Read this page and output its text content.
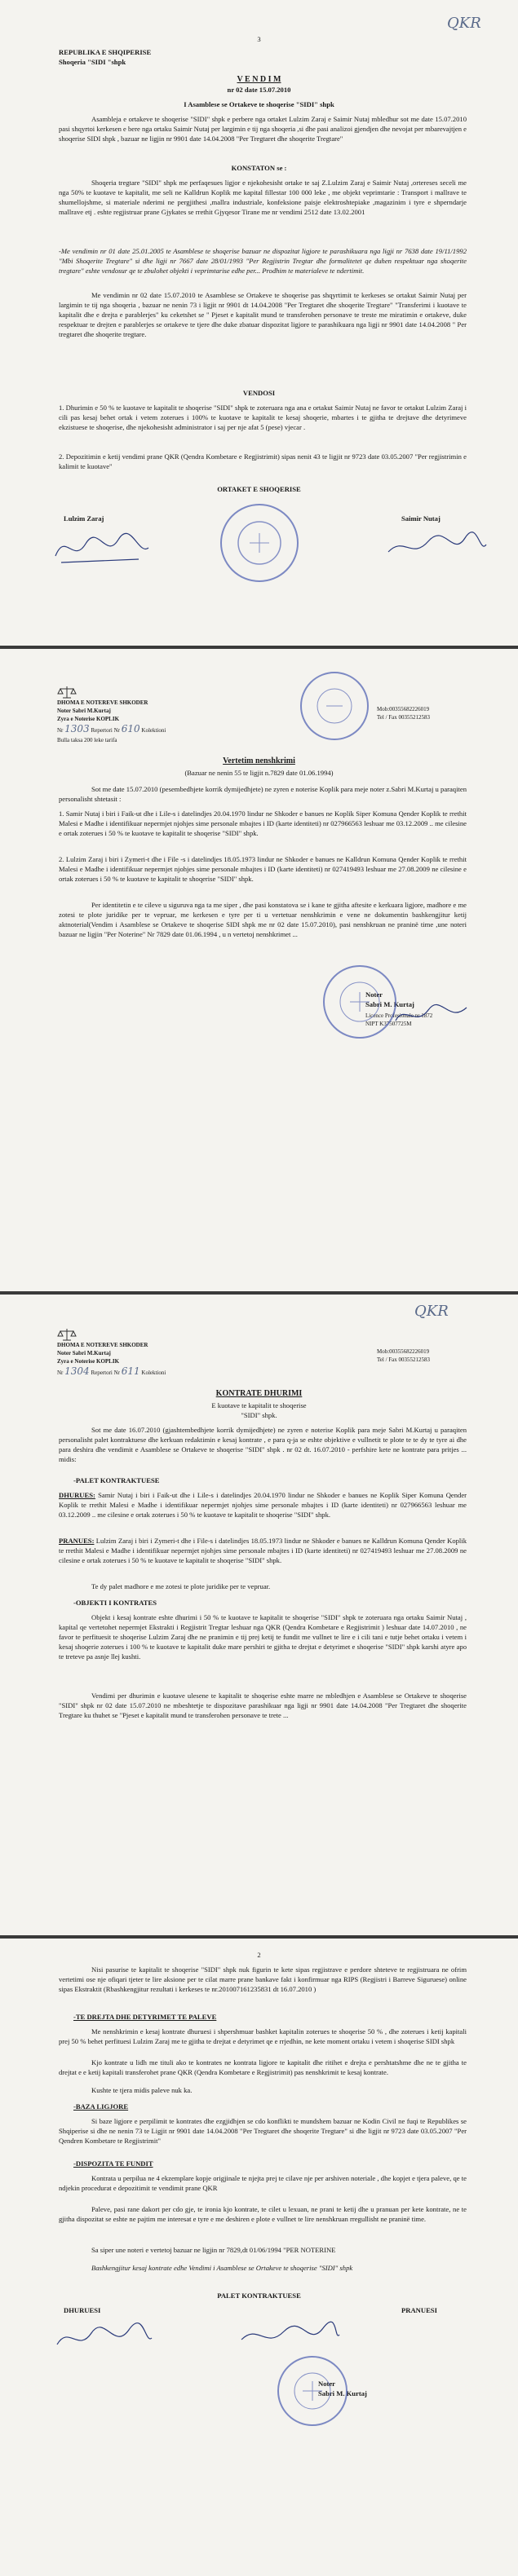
QKR
3
REPUBLIKA E SHQIPERISE
Shoqeria "SIDI "shpk
V E N D I M
nr 02 date 15.07.2010
I Asamblese se Ortakeve te shoqerise "SIDI" shpk
Asambleja e ortakeve te shoqerise "SIDI" shpk e perbere nga ortaket Lulzim Zaraj e Saimir Nutaj mbledhur sot me date 15.07.2010 pasi shqyrtoi kerkesen e bere nga ortaku Saimir Nutaj per largimin e tij nga shoqeria ,si dhe pasi analizoi gjendjen dhe nevojat per mbarevajtjen e shoqerise SIDI shpk , bazuar ne ligjin nr 9901 date 14.04.2008 "Per Tregtaret dhe shoqerite Tregtare"
KONSTATON se :
Shoqeria tregtare "SIDI" shpk me perfaqesues ligjor e njekohesisht ortake te saj Z.Lulzim Zaraj e Saimir Nutaj ,ortereses seceli me nga 50% te kuotave te kapitalit, me seli ne Kalldrun Koplik me kapital fillestar 100 000 leke , me objekt veprimtarie : Transport i mallrave te shumellojshme, si materiale nderimi ne pergjithesi ,mallra industriale, konfeksione paisje elektroshtepiake ,magazinim i tyre e shperndarje mallrave etj . eshte regjistruar prane Gjykates se rrethit Gjyqesor Tirane me nr vendimi 2512 date 13.02.2001
-Me vendimin nr 01 date 25.01.2005 te Asamblese te shoqerise bazuar ne dispozitat ligjore te parashikuara nga ligji nr 7638 date 19/11/1992 "Mbi Shoqerite Tregtare" si dhe ligji nr 7667 date 28/01/1993 "Per Regjistrin Tregtar dhe formalitetet qe duhen respektuar nga shoqerite tregtare" eshte vendosur qe te zbulohet objekti i veprimtarise edhe per... Prodhim te materialeve te ndertimit.
Me vendimin nr 02 date 15.07.2010 te Asamblese se Ortakeve te shoqerise pas shqyrtimit te kerkeses se ortakut Saimir Nutaj per largimin te tij nga shoqeria , bazuar ne nenin 73 i ligjit nr 9901 dt 14.04.2008 "Per Tregtaret dhe shoqerite Tregtare" "Transferimi i kuotave te kapitalit dhe e drejta e parablerjes" ku ceketshet se " Pjeset e kapitalit mund te transferohen personave te treste me miratimin e ortakeve, duke respektuar te drejten e parablerjes se ortakeve te tjere dhe duke zbatuar dispozitat ligjore te parashikuara nga ligji nr 9901 date 14.04.2008 " Per tregtaret dhe shoqerite tregtare.
VENDOSI
1. Dhurimin e 50 % te kuotave te kapitalit te shoqerise "SIDI" shpk te zoteruara nga ana e ortakut Saimir Nutaj ne favor te ortakut Lulzim Zaraj i cili pas kesaj behet ortak i vetem zoterues i 100% te kuotave te kapitalit te kesaj shoqerie, mbartes i te gjitha te drejtave dhe detyrimeve ekzistuese te shoqerise, dhe njekohesisht administrator i saj per nje afat 5 (pese) vjecar .
2. Depozitimin e ketij vendimi prane QKR (Qendra Kombetare e Regjistrimit) sipas nenit 43 te ligjit nr 9723 date 03.05.2007 "Per regjistrimin e kalimit te kuotave"
ORTAKET E SHOQERISE
Lulzim Zaraj	Saimir Nutaj
DHOMA E NOTEREVE SHKODER
Noter Sabri M.Kurtaj
Zyra e Noterise KOPLIK
Nr 1303 Repertori Nr 610 Kolektioni
Bulla taksa 200 leke tarifa
Mob:00355682226019
Tel / Fax 00355212583
Vertetim nenshkrimi
(Bazuar ne nenin 55 te ligjit n.7829 date 01.06.1994)
Sot me date 15.07.2010 (pesembedhjete korrik dymijedhjete) ne zyren e noterise Koplik para meje noter z.Sabri M.Kurtaj u paraqiten personalisht shtetasit :
1. Samir Nutaj i biri i Faik-ut dhe i Lile-s i datelindjes 20.04.1970 lindur ne Shkoder e banues ne Koplik Siper Komuna Qender Koplik te rrethit Malesi e Madhe i identifikuar nepermjet njohjes sime personale mbajtes i ID (karte identiteti) nr 027966563 leshuar me 03.12.2009 .. me cilesine e ortak zoterues i 50 % te kuotave te kapitalit te shoqerise "SIDI" shpk.
2. Lulzim Zaraj i biri i Zymeri-t dhe i File -s i datelindjes 18.05.1973 lindur ne Shkoder e banues ne Kalldrun Komuna Qender Koplik te rrethit Malesi e Madhe i identifikuar nepermjet njohjes sime personale mbajtes i ID (karte identiteti) nr 027419493 leshuar me 27.08.2009 ne cilesine e ortak zoterues i 50 % te kuotave te kapitalit te shoqerise "SIDI" shpk.
Per identitetin e te cileve u siguruva nga ta me siper , dhe pasi konstatova se i kane te gjitha aftesite e kerkuara ligjore, madhore e me zotesi te plote juridike per te vepruar, me kerkesen e tyre per ti u vertetuar nenshkrimin e vene ne dokumentin bashkengjitur ketij aktnoterial(Vendim i Asamblese se Ortakeve te shoqerise SIDI shpk me nr 02 date 15.07.2010), pasi nenshkruan ne praninë time ,une noteri bazuar ne ligjin "Per Noterine" Nr 7829 date 01.06.1994 , u n vertetoj nenshkrimet ...
Noter
Sabri M. Kurtaj
Licence Profesionale nr 1872
NIPT K37507725M
QKR
DHOMA E NOTEREVE SHKODER
Noter Sabri M.Kurtaj
Zyra e Noterise KOPLIK
Nr 1304 Repertori Nr 611 Kolektioni
Mob:00355682226019
Tel / Fax 00355212583
KONTRATE DHURIMI
E kuotave te kapitalit te shoqerise
"SIDI" shpk.
Sot me date 16.07.2010 (gjashtembedhjete korrik dymijedhjete) ne zyren e noterise Koplik para meje Sabri M.Kurtaj u paraqiten personalisht palet kontraktuese dhe kerkuan redaktimin e kesaj kontrate , e para q-ja se eshte objektive e vullnetit te plote te te dy te tyre ai dhe para deshira dhe vendimit e Asamblese se Ortakeve te shoqerise "SIDI" shpk . nr 02 dt. 16.07.2010 - perfshire kete ne kontrate para pritjes ... midis:
-PALET KONTRAKTUESE
DHURUES: Samir Nutaj i biri i Faik-ut dhe i Lile-s i datelindjes 20.04.1970 lindur ne Shkoder e banues ne Koplik Siper Komuna Qender Koplik te rrethit Malesi e Madhe i identifikuar nepermjet njohjes sime personale mbajtes i ID (karte identiteti) nr 027966563 leshuar me 03.12.2009 .. me cilesine e ortak zoterues i 50 % te kuotave te kapitalit te shoqerise "SIDI" shpk.
PRANUES: Lulzim Zaraj i biri i Zymeri-t dhe i File-s i datelindjes 18.05.1973 lindur ne Shkoder e banues ne Kalldrun Komuna Qender Koplik te rrethit Malesi e Madhe i identifikuar nepermjet njohjes sime personale mbajtes i ID (karte identiteti) nr 027419493 leshuar me 27.08.2009 ne cilesine e ortak zoterues i 50 % te kuotave te kapitalit te shoqerise "SIDI" shpk.
Te dy palet madhore e me zotesi te plote juridike per te vepruar.
-OBJEKTI I KONTRATES
Objekt i kesaj kontrate eshte dhurimi i 50 % te kuotave te kapitalit te shoqerise "SIDI" shpk te zoteruara nga ortaku Saimir Nutaj , kapital qe vertetohet nepermjet Ekstrakti i Regjistrit Tregtar leshuar nga QKR (Qendra Kombetare e Regjistrimit ) leshuar date 14.07.2010 , ne favor te perfituesit te shoqerise Lulzim Zaraj dhe ne pranimin e tij prej ketij te fundit me vullnet te lire e i cili tani e tutje behet ortaku i vetem i kesaj shoqerie zoterues i 100 % te kuotave te kapitalit duke mare pershiri te gjitha te drejtat e detyrimet e shoqerise "SIDI" shpk karshi atyre apo te treteve pa asnje llej kushti.
Vendimi per dhurimin e kuotave ulesene te kapitalit te shoqerise eshte marre ne mbledhjen e Asamblese se Ortakeve te shoqerise "SIDI" shpk nr 02 date 15.07.2010 ne mbeshtetje te dispozitave parashikuar nga ligji nr 9901 date 14.04.2008 "Per Tregtaret dhe shoqerite Tregtare ku thuhet se "Pjeset e kapitalit mund te transferohen personave te trete ...
2
Nisi pasurise te kapitalit te shoqerise "SIDI" shpk nuk figurin te kete sipas regjistrave e perdore shteteve te regjistruara ne ofrim vertetimi ose nje ofiqari tjeter te lire aksione per te cilat marre prane bankave fakt i konfirmuar nga RIPS (Regjistri i Barreve Siguruese) online sipas Ekstraktit (Rbashkengjitur rezultati i kerkeses te nr.201007161235831 dt 16.07.2010 )
-TE DREJTA DHE DETYRIMET TE PALEVE
Me nenshkrimin e kesaj kontrate dhuruesi i shpershmuar bashket kapitalin zoterues te shoqerise 50 % , dhe zoterues i ketij kapitali prej 50 % behet perfituesi Lulzim Zaraj me te gjitha te drejtat e detyrimet qe e rrjedhin, ne kete moment ortaku i vetem i shoqerise SIDI shpk
Kjo kontrate u lidh me tituli ako te kontrates ne kontrata ligjore te kapitalit dhe ritihet e drejta e pershtatshme dhe ne te gjitha te drejtat e e ketij kapitali transferohet prane QKR (Qendra Kombetare e Regjistrimit) pas nenshkrimit te kesaj kontrate.
Kushte te tjera midis paleve nuk ka.
-BAZA LIGJORE
Si baze ligjore e perpilimit te kontrates dhe ezgjidhjen se cdo konflikti te mundshem bazuar ne Kodin Civil ne fuqi te Republikes se Shqiperise si dhe ne nenin 73 te Ligjit nr 9901 date 14.04.2008 "Per Tregtaret dhe shoqerite Tregtare" si dhe ligjit nr 9723 date 03.05.2007 "Per Qendren Kombetare te Regjistrimit"
-DISPOZITA TE FUNDIT
Kontrata u perpilua ne 4 ekzemplare kopje origjinale te njejta prej te cilave nje per arshiven noteriale , dhe kopjet e tjera paleve, qe te ndjekin procedurat e depozitimit te vendimit prane QKR
Paleve, pasi rane dakort per cdo gje, te ironia kjo kontrate, te cilet u lexuan, ne prani te ketij dhe u pranuan per kete kontrate, ne te gjitha dispozitat se eshte ne pajtim me interesat e tyre e me deshiren e plote e vullnet te lire nenshkruan rregullisht ne praninë time.
Sa siper une noteri e vertetoj bazuar ne ligjin nr 7829,dt 01/06/1994 "PER NOTERINE
Bashkengjitur kesaj kontrate edhe Vendimi i Asamblese se Ortakeve te shoqerise "SIDI" shpk
PALET KONTRAKTUESE
DHURUESI	PRANUESI
Noter
Sabri M. Kurtaj
